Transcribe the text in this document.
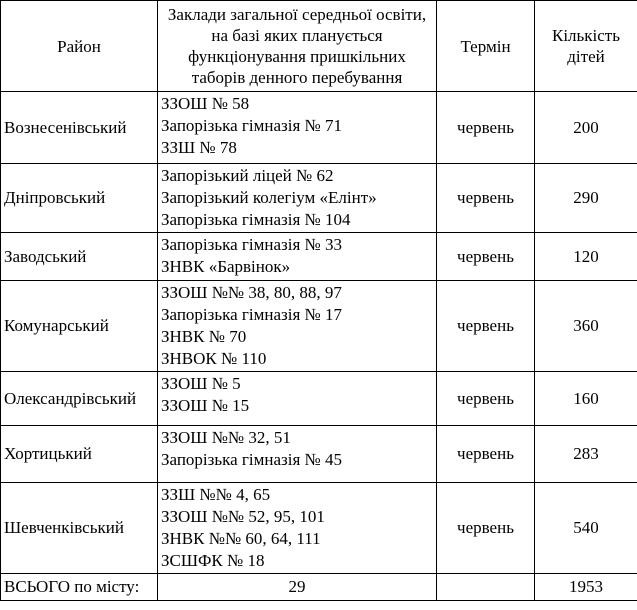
Район	Заклади загальної середньої освіти, на базі яких планується функціонування пришкільних таборів денного перебування	Термін	Кількість дітей
Вознесенівський	ЗЗОШ № 58
Запорізька гімназія № 71
ЗЗШ № 78	червень	200
Дніпровський	Запорізький ліцей № 62
Запорізький колегіум «Елінт»
Запорізька гімназія № 104	червень	290
Заводський	Запорізька гімназія № 33
ЗНВК «Барвінок»	червень	120
Комунарський	ЗЗОШ №№ 38, 80, 88, 97
Запорізька гімназія № 17
ЗНВК № 70
ЗНВОК № 110	червень	360
Олександрівський	ЗЗОШ № 5
ЗЗОШ № 15	червень	160
Хортицький	ЗЗОШ №№ 32, 51
Запорізька гімназія № 45	червень	283
Шевченківський	ЗЗШ №№ 4, 65
ЗЗОШ №№ 52, 95, 101
ЗНВК №№ 60, 64, 111
ЗСШФК № 18	червень	540
ВСЬОГО по місту:	29		1953
